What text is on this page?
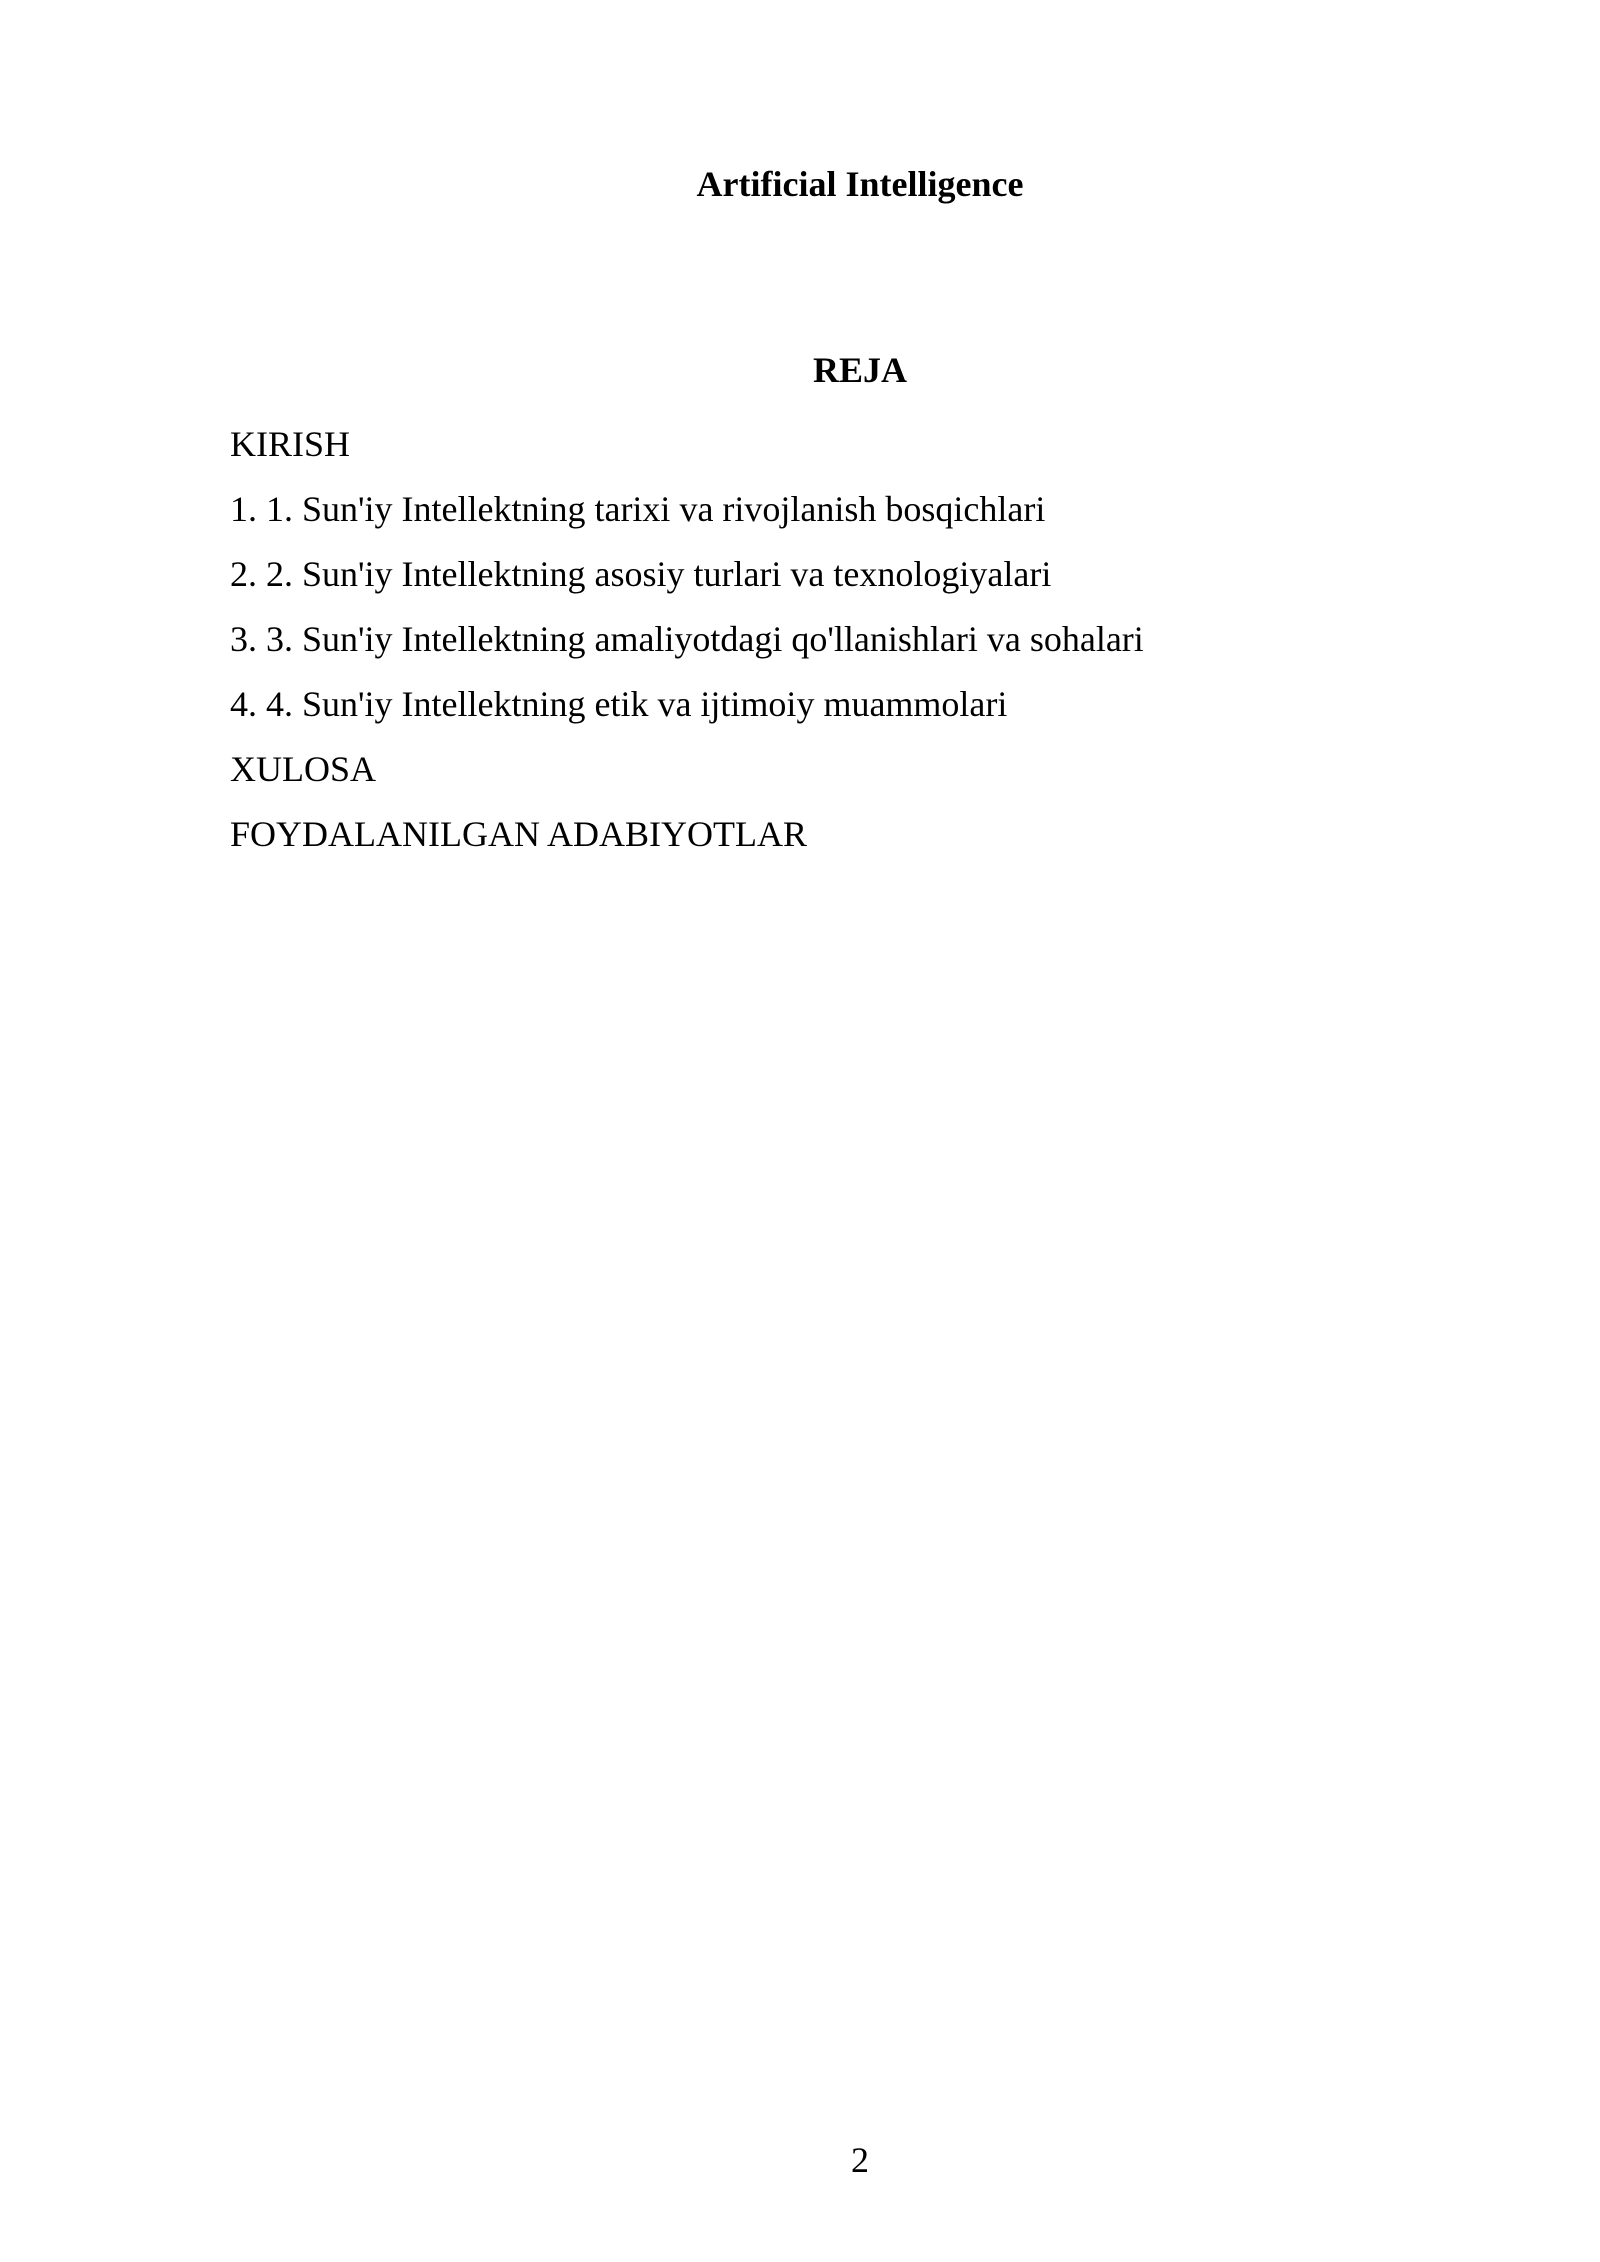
Artificial Intelligence
REJA
KIRISH
1. 1. Sun'iy Intellektning tarixi va rivojlanish bosqichlari
2. 2. Sun'iy Intellektning asosiy turlari va texnologiyalari
3. 3. Sun'iy Intellektning amaliyotdagi qo'llanishlari va sohalari
4. 4. Sun'iy Intellektning etik va ijtimoiy muammolari
XULOSA
FOYDALANILGAN ADABIYOTLAR
2
